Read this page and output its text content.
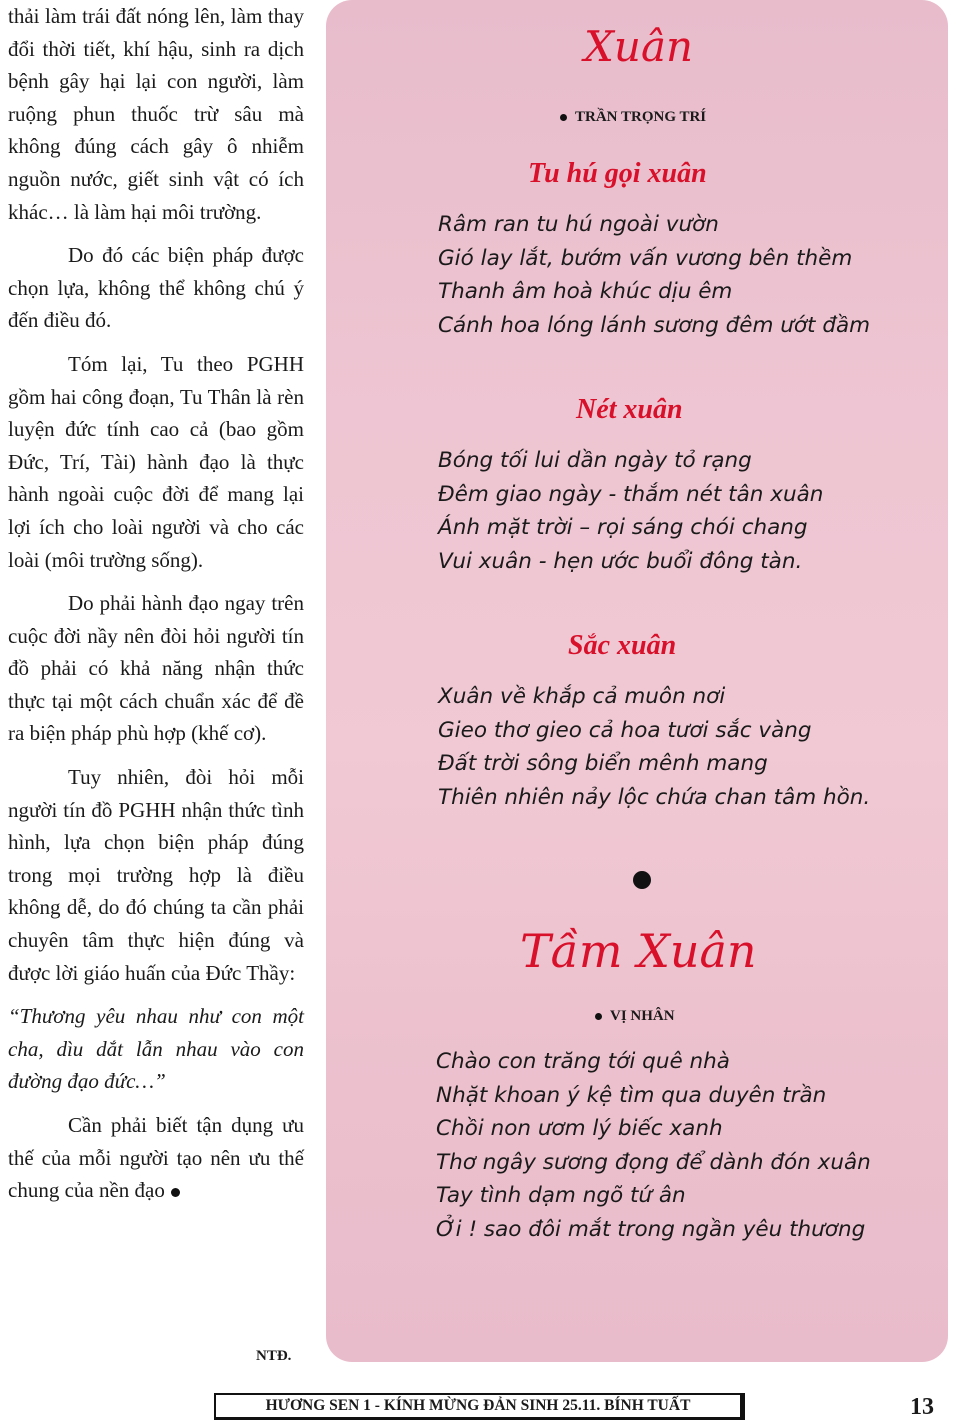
thải làm trái đất nóng lên, làm thay đổi thời tiết, khí hậu, sinh ra dịch bệnh gây hại lại con người, làm ruộng phun thuốc trừ sâu mà không đúng cách gây ô nhiễm nguồn nước, giết sinh vật có ích khác… là làm hại môi trường.

Do đó các biện pháp được chọn lựa, không thể không chú ý đến điều đó.

Tóm lại, Tu theo PGHH gồm hai công đoạn, Tu Thân là rèn luyện đức tính cao cả (bao gồm Đức, Trí, Tài) hành đạo là thực hành ngoài cuộc đời để mang lại lợi ích cho loài người và cho các loài (môi trường sống).

Do phải hành đạo ngay trên cuộc đời nầy nên đòi hỏi người tín đồ phải có khả năng nhận thức thực tại một cách chuẩn xác để đề ra biện pháp phù hợp (khế cơ).

Tuy nhiên, đòi hỏi mỗi người tín đồ PGHH nhận thức tình hình, lựa chọn biện pháp đúng trong mọi trường hợp là điều không dễ, do đó chúng ta cần phải chuyên tâm thực hiện đúng và được lời giáo huấn của Đức Thầy:

“Thương yêu nhau như con một cha, dìu dắt lẫn nhau vào con đường đạo đức…”

Cần phải biết tận dụng ưu thế của mỗi người tạo nên ưu thế chung của nền đạo

NTĐ.
Xuân
TRẦN TRỌNG TRÍ
Tu hú gọi xuân
Râm ran tu hú ngoài vườn
Gió lay lắt, bướm vấn vương bên thềm
Thanh âm hoà khúc dịu êm
Cánh hoa lóng lánh sương đêm ướt đầm
Nét xuân
Bóng tối lui dần ngày tỏ rạng
Đêm giao ngày - thắm nét tân xuân
Ánh mặt trời – rọi sáng chói chang
Vui xuân - hẹn ước buổi đông tàn.
Sắc xuân
Xuân về khắp cả muôn nơi
Gieo thơ gieo cả hoa tươi sắc vàng
Đất trời sông biển mênh mang
Thiên nhiên nảy lộc chứa chan tâm hồn.
Tầm Xuân
VỊ NHÂN
Chào con trăng tới quê nhà
Nhặt khoan ý kệ tìm qua duyên trần
Chồi non ươm lý biếc xanh
Thơ ngây sương đọng để dành đón xuân
Tay tình dạm ngõ tứ ân
Ởi ! sao đôi mắt trong ngần yêu thương
HƯƠNG SEN 1 - KÍNH MỪNG ĐẢN SINH 25.11. BÍNH TUẤT	13
